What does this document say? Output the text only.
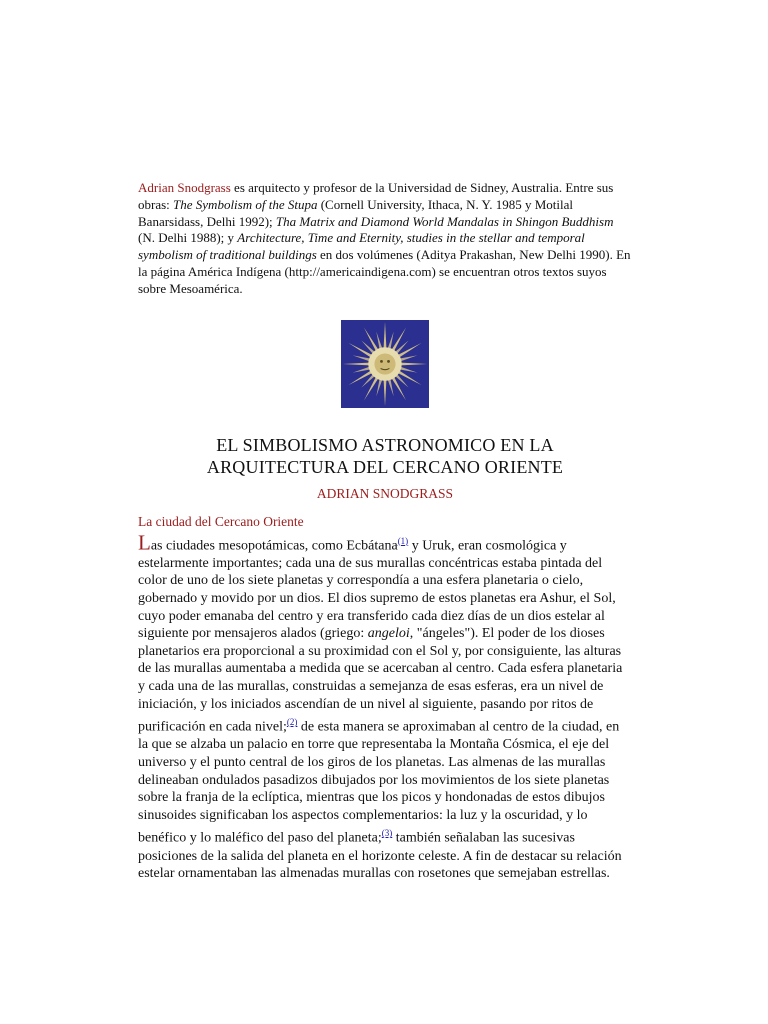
Adrian Snodgrass es arquitecto y profesor de la Universidad de Sidney, Australia. Entre sus obras: The Symbolism of the Stupa (Cornell University, Ithaca, N. Y. 1985 y Motilal Banarsidass, Delhi 1992); Tha Matrix and Diamond World Mandalas in Shingon Buddhism (N. Delhi 1988); y Architecture, Time and Eternity, studies in the stellar and temporal symbolism of traditional buildings en dos volúmenes (Aditya Prakashan, New Delhi 1990). En la página América Indígena (http://americaindigena.com) se encuentran otros textos suyos sobre Mesoamérica.

EL SIMBOLISMO ASTRONOMICO EN LA
ARQUITECTURA DEL CERCANO ORIENTE
ADRIAN SNODGRASS
La ciudad del Cercano Oriente

Las ciudades mesopotámicas, como Ecbátana$^{(1)}$ y Uruk, eran cosmológica y estelarmente importantes; cada una de sus murallas concéntricas estaba pintada del color de uno de los siete planetas y correspondía a una esfera planetaria o cielo, gobernado y movido por un dios. El dios supremo de estos planetas era Ashur, el Sol, cuyo poder emanaba del centro y era transferido cada diez días de un dios estelar al siguiente por mensajeros alados (griego: angeloi, "ángeles"). El poder de los dioses planetarios era proporcional a su proximidad con el Sol y, por consiguiente, las alturas de las murallas aumentaba a medida que se acercaban al centro. Cada esfera planetaria y cada una de las murallas, construidas a semejanza de esas esferas, era un nivel de iniciación, y los iniciados ascendían de un nivel al siguiente, pasando por ritos de purificación en cada nivel;$^{(2)}$ de esta manera se aproximaban al centro de la ciudad, en la que se alzaba un palacio en torre que representaba la Montaña Cósmica, el eje del universo y el punto central de los giros de los planetas. Las almenas de las murallas delineaban ondulados pasadizos dibujados por los movimientos de los siete planetas sobre la franja de la eclíptica, mientras que los picos y hondonadas de estos dibujos sinusoides significaban los aspectos complementarios: la luz y la oscuridad, y lo benéfico y lo maléfico del paso del planeta;$^{(3)}$ también señalaban las sucesivas posiciones de la salida del planeta en el horizonte celeste. A fin de destacar su relación estelar ornamentaban las almenadas murallas con rosetones que semejaban estrellas.
